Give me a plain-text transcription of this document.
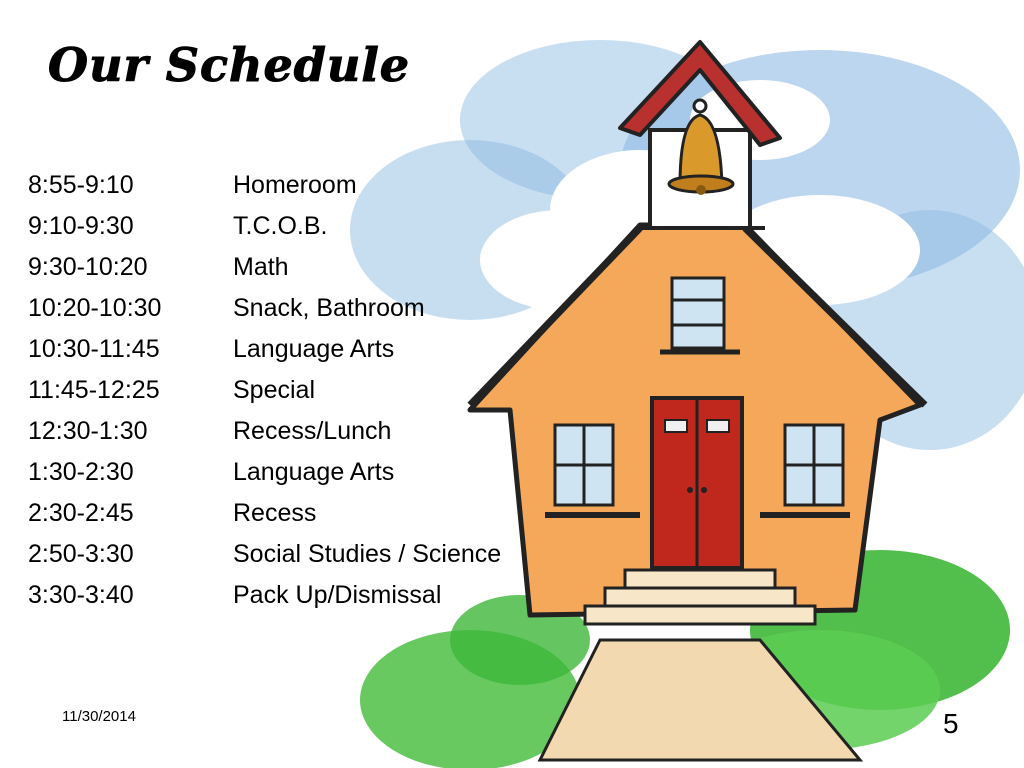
Our Schedule
8:55-9:10	Homeroom
9:10-9:30	T.C.O.B.
9:30-10:20	Math
10:20-10:30	Snack, Bathroom
10:30-11:45	Language Arts
11:45-12:25	Special
12:30-1:30	Recess/Lunch
1:30-2:30	Language Arts
2:30-2:45	Recess
2:50-3:30	Social Studies / Science
3:30-3:40	Pack Up/Dismissal
11/30/2014	5
